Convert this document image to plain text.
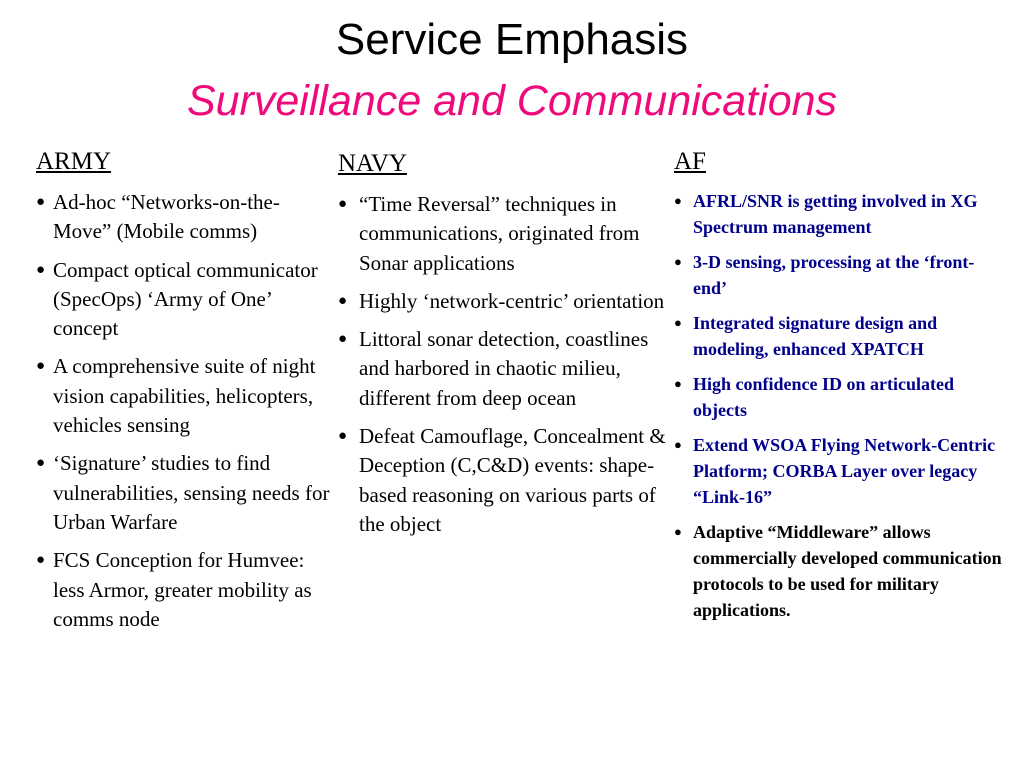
Service Emphasis
Surveillance and Communications

ARMY

● Ad-hoc “Networks-on-the-Move” (Mobile comms)
● Compact optical communicator (SpecOps) ‘Army of One’ concept
● A comprehensive suite of night vision capabilities, helicopters, vehicles sensing
● ‘Signature’ studies to find vulnerabilities, sensing needs for Urban Warfare
● FCS Conception for Humvee: less Armor, greater mobility as comms node

NAVY

● “Time Reversal” techniques in communications, originated from Sonar applications
● Highly ‘network-centric’ orientation
● Littoral sonar detection, coastlines and harbored in chaotic milieu, different from deep ocean
● Defeat Camouflage, Concealment & Deception (C,C&D) events: shape-based reasoning on various parts of the object

AF

● AFRL/SNR is getting involved in XG Spectrum management
● 3-D sensing, processing at the ‘front-end’
● Integrated signature design and modeling, enhanced XPATCH
● High confidence ID on articulated objects
● Extend WSOA Flying Network-Centric Platform; CORBA Layer over legacy “Link-16”
● Adaptive “Middleware” allows commercially developed communication protocols to be used for military applications.
